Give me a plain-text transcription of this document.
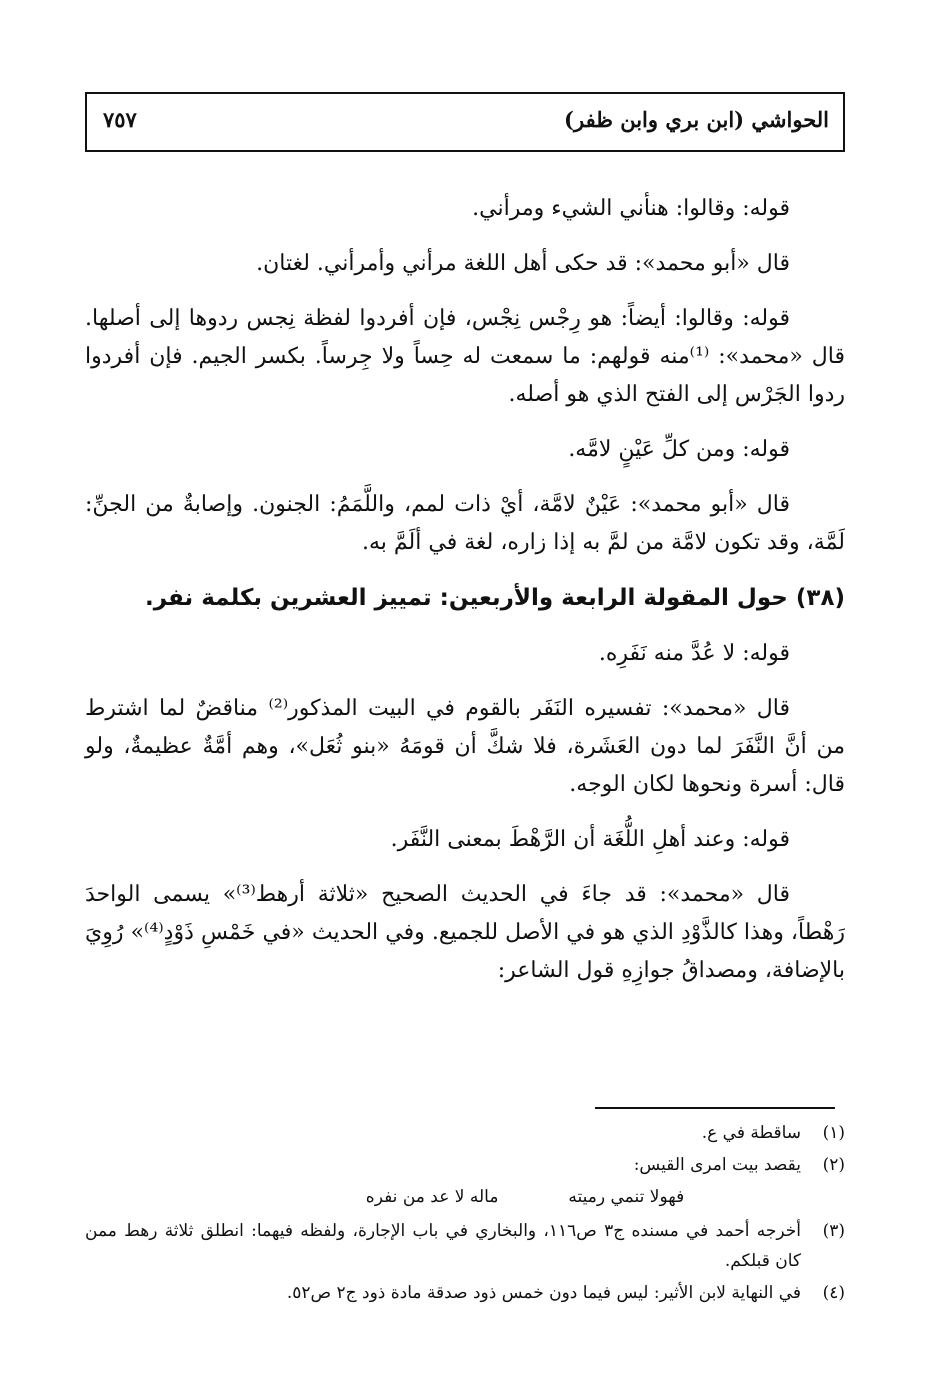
الحواشي (ابن بري وابن ظفر)
٧٥٧

قوله: وقالوا: هنأني الشيء ومرأني.

قال «أبو محمد»: قد حكى أهل اللغة مرأني وأمرأني. لغتان.

قوله: وقالوا: أيضاً: هو رِجْس نِجْس، فإن أفردوا لفظة نِجس ردوها إلى أصلها. قال «محمد»: ⁽¹⁾منه قولهم: ما سمعت له حِساً ولا جِرساً. بكسر الجيم. فإن أفردوا ردوا الجَرْس إلى الفتح الذي هو أصله.

قوله: ومن كلِّ عَيْنٍ لامَّه.

قال «أبو محمد»: عَيْنٌ لامَّة، أيْ ذات لمم، واللَّمَمُ: الجنون. وإصابةٌ من الجنِّ: لَمَّة، وقد تكون لامَّة من لمَّ به إذا زاره، لغة في ألَمَّ به.

(٣٨) حول المقولة الرابعة والأربعين: تمييز العشرين بكلمة نفر.

قوله: لا عُدَّ منه نَفَرِه.

قال «محمد»: تفسيره النَفَر بالقوم في البيت المذكور⁽²⁾ مناقضٌ لما اشترط من أنَّ النَّفَرَ لما دون العَشَرة، فلا شكَّ أن قومَهُ «بنو ثُعَل»، وهم أمَّةٌ عظيمةٌ، ولو قال: أسرة ونحوها لكان الوجه.

قوله: وعند أهلِ اللُّغَة أن الرَّهْطَ بمعنى النَّفَر.

قال «محمد»: قد جاءَ في الحديث الصحيح «ثلاثة أرهط⁽³⁾» يسمى الواحدَ رَهْطاً، وهذا كالذَّوْدِ الذي هو في الأصل للجميع. وفي الحديث «في خَمْسِ ذَوْدٍ⁽⁴⁾» رُوِيَ بالإضافة، ومصداقُ جوازِهِ قول الشاعر:

(١)
ساقطة في ع.
(٢)
يقصد بيت امرى القيس:
فهولا تنمي رميته
ماله لا عد من نفره
(٣)
أخرجه أحمد في مسنده ج٣ ص١١٦، والبخاري في باب الإجارة، ولفظه فيهما: انطلق ثلاثة رهط ممن كان قبلكم.
(٤)
في النهاية لابن الأثير: ليس فيما دون خمس ذود صدقة مادة ذود ج٢ ص٥٢.
